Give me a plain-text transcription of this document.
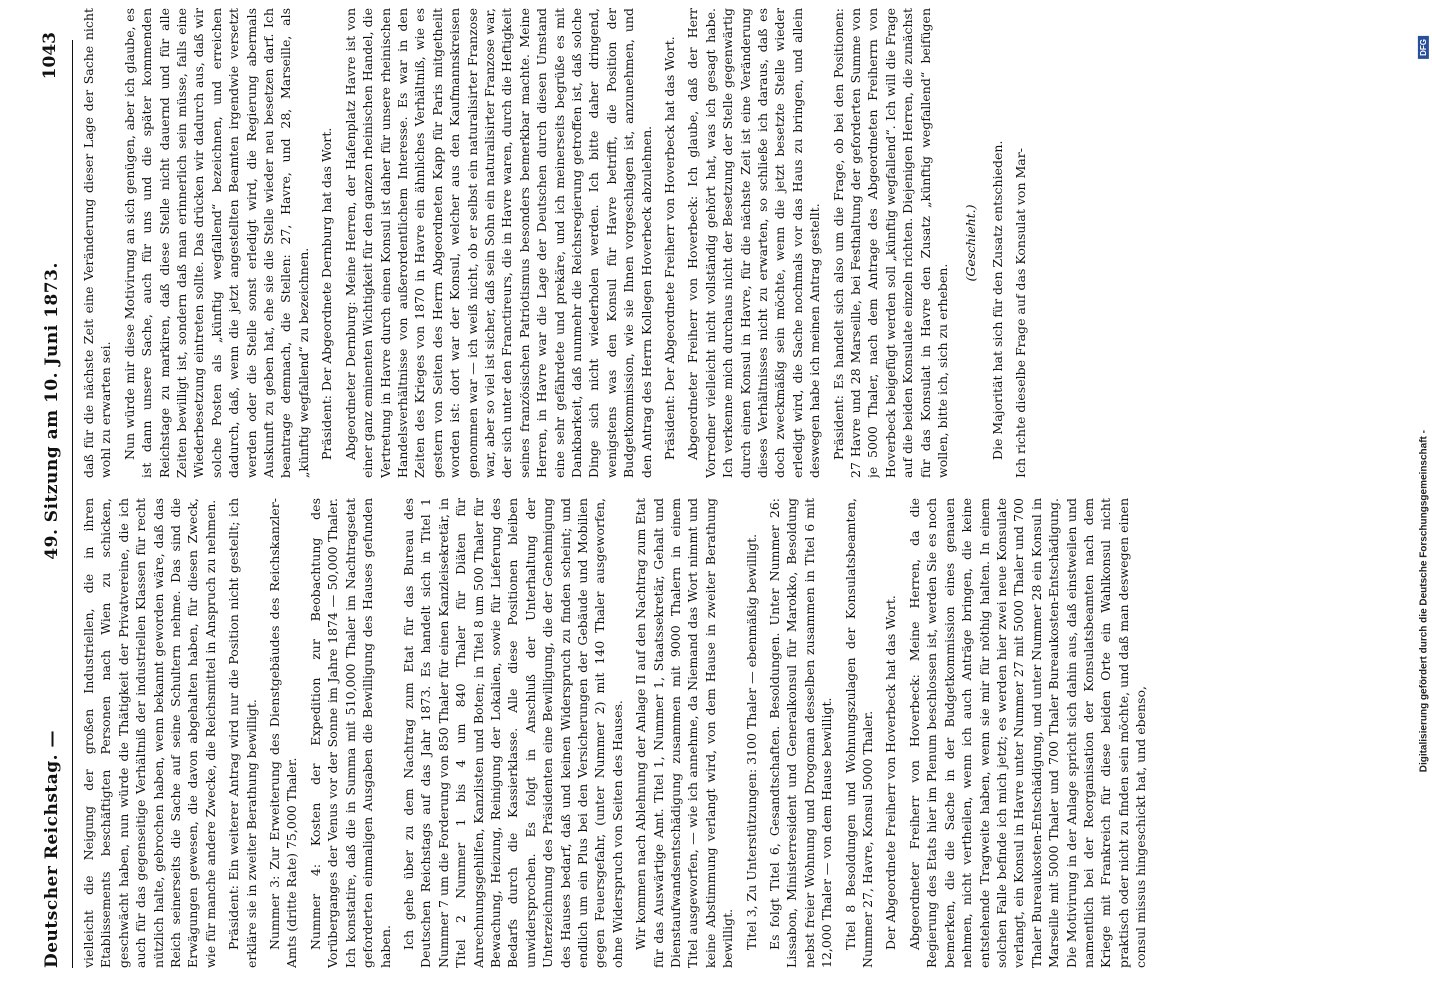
Deutscher Reichstag. —
49. Sitzung am 10. Juni 1873.
1043

vielleicht die Neigung der großen Industriellen, die in ihren Etablissements beschäftigten Personen nach Wien zu schicken, geschwächt haben, nun würde die Thätigkeit der Privatvereine, die ich auch für das gegenseitige Verhältniß der industriellen Klassen für recht nützlich halte, gebrochen haben, wenn bekannt geworden wäre, daß das Reich seinerseits die Sache auf seine Schultern nehme. Das sind die Erwägungen gewesen, die davon abgehalten haben, für diesen Zweck, wie für manche andere Zwecke, die Reichsmittel in Anspruch zu nehmen. Präsident: Ein weiterer Antrag wird nur die Position nicht gestellt; ich erkläre sie in zweiter Berathung bewilligt. Nummer 3: Zur Erweiterung des Dienstgebäudes des Reichskanzler-Amts (dritte Rate) 75,000 Thaler. Nummer 4: Kosten der Expedition zur Beobachtung des Vorüberganges der Venus vor der Sonne im Jahre 1874 — 50,000 Thaler. Ich konstatire, daß die in Summa mit 510,000 Thaler im Nachtragsetat geforderten einmaligen Ausgaben die Bewilligung des Hauses gefunden haben. Ich gehe über zu dem Nachtrag zum Etat für das Bureau des Deutschen Reichstags auf das Jahr 1873. Es handelt sich in Titel 1 Nummer 7 um die Forderung von 850 Thaler für einen Kanzleisekretär, in Titel 2 Nummer 1 bis 4 um 840 Thaler für Diäten für Anrechnungsgehilfen, Kanzlisten und Boten; in Titel 8 um 500 Thaler für Bewachung, Heizung, Reinigung der Lokalien, sowie für Lieferung des Bedarfs durch die Kassierklasse. Alle diese Positionen bleiben unwidersprochen. Es folgt in Anschluß der Unterhaltung der Unterzeichnung des Präsidenten eine Bewilligung, die der Genehmigung des Hauses bedarf, daß und keinen Widerspruch zu finden scheint; und endlich um ein Plus bei den Versicherungen der Gebäude und Mobilien gegen Feuersgefahr, (unter Nummer 2) mit 140 Thaler ausgeworfen, ohne Widerspruch von Seiten des Hauses. Wir kommen nach Ablehnung der Anlage II auf den Nachtrag zum Etat für das Auswärtige Amt. Titel 1, Nummer 1, Staatssekretär, Gehalt und Dienstaufwandsentschädigung zusammen mit 9000 Thalern in einem Titel ausgeworfen, — wie ich annehme, da Niemand das Wort nimmt und keine Abstimmung verlangt wird, von dem Hause in zweiter Berathung bewilligt. Titel 3, Zu Unterstützungen: 3100 Thaler — ebenmäßig bewilligt. Es folgt Titel 6, Gesandtschaften. Besoldungen. Unter Nummer 26: Lissabon, Ministerresident und Generalkonsul für Marokko, Besoldung nebst freier Wohnung und Drogoman desselben zusammen in Titel 6 mit 12,000 Thaler — von dem Hause bewilligt. Titel 8 Besoldungen und Wohnungszulagen der Konsulatsbeamten, Nummer 27, Havre, Konsul 5000 Thaler. Der Abgeordnete Freiherr von Hoverbeck hat das Wort. Abgeordneter Freiherr von Hoverbeck: Meine Herren, da die Regierung des Etats hier im Plenum beschlossen ist, werden Sie es noch bemerken, die die Sache in der Budgetkommission eines genauen nehmen, nicht vertheilen, wenn ich auch Anträge bringen, die keine entstehende Tragweite haben, wenn sie mir für nöthig halten. In einem solchen Falle befinde ich mich jetzt; es werden hier zwei neue Konsulate verlangt, ein Konsul in Havre unter Nummer 27 mit 5000 Thaler und 700 Thaler Bureaukosten-Entschädigung, und unter Nummer 28 ein Konsul in Marseille mit 5000 Thaler und 700 Thaler Bureaukosten-Entschädigung. Die Motivirung in der Anlage spricht sich dahin aus, daß einstweilen und namentlich bei der Reorganisation der Konsulatsbeamten nach dem Kriege mit Frankreich für diese beiden Orte ein Wahlkonsul nicht praktisch oder nicht zu finden sein möchte, und daß man deswegen einen consul missus hingeschickt hat, und ebenso,

daß für die nächste Zeit eine Veränderung dieser Lage der Sache nicht wohl zu erwarten sei. Nun würde mir diese Motivirung an sich genügen, aber ich glaube, es ist dann unsere Sache, auch für uns und die später kommenden Reichstage zu markiren, daß diese Stelle nicht dauernd und für alle Zeiten bewilligt ist, sondern daß man erinnerlich sein müsse, falls eine Wiederbesetzung eintreten sollte. Das drücken wir dadurch aus, daß wir solche Posten als „künftig wegfallend“ bezeichnen, und erreichen dadurch, daß, wenn die jetzt angestellten Beamten irgendwie versetzt werden oder die Stelle sonst erledigt wird, die Regierung abermals Auskunft zu geben hat, ehe sie die Stelle wieder neu besetzen darf. Ich beantrage demnach, die Stellen: 27, Havre, und 28, Marseille, als „künftig wegfallend“ zu bezeichnen. Präsident: Der Abgeordnete Dernburg hat das Wort. Abgeordneter Dernburg: Meine Herren, der Hafenplatz Havre ist von einer ganz eminenten Wichtigkeit für den ganzen rheinischen Handel, die Vertretung in Havre durch einen Konsul ist daher für unsere rheinischen Handelsverhältnisse von außerordentlichem Interesse. Es war in den Zeiten des Krieges von 1870 in Havre ein ähnliches Verhältniß, wie es gestern von Seiten des Herrn Abgeordneten Kapp für Paris mitgetheilt worden ist: dort war der Konsul, welcher aus den Kaufmannskreisen genommen war — ich weiß nicht, ob er selbst ein naturalisirter Franzose war, aber so viel ist sicher, daß sein Sohn ein naturalisirter Franzose war, der sich unter den Franctireurs, die in Havre waren, durch die Heftigkeit seines französischen Patriotismus besonders bemerkbar machte. Meine Herren, in Havre war die Lage der Deutschen durch diesen Umstand eine sehr gefährdete und prekäre, und ich meinerseits begrüße es mit Dankbarkeit, daß nunmehr die Reichsregierung getroffen ist, daß solche Dinge sich nicht wiederholen werden. Ich bitte daher dringend, wenigstens was den Konsul für Havre betrifft, die Position der Budgetkommission, wie sie Ihnen vorgeschlagen ist, anzunehmen, und den Antrag des Herrn Kollegen Hoverbeck abzulehnen. Präsident: Der Abgeordnete Freiherr von Hoverbeck hat das Wort. Abgeordneter Freiherr von Hoverbeck: Ich glaube, daß der Herr Vorredner vielleicht nicht vollständig gehört hat, was ich gesagt habe. Ich verkenne mich durchaus nicht der Besetzung der Stelle gegenwärtig durch einen Konsul in Havre, für die nächste Zeit ist eine Veränderung dieses Verhältnisses nicht zu erwarten, so schließe ich daraus, daß es doch zweckmäßig sein möchte, wenn die jetzt besetzte Stelle wieder erledigt wird, die Sache nochmals vor das Haus zu bringen, und allein deswegen habe ich meinen Antrag gestellt. Präsident: Es handelt sich also um die Frage, ob bei den Positionen: 27 Havre und 28 Marseille, bei Festhaltung der geforderten Summe von je 5000 Thaler, nach dem Antrage des Abgeordneten Freiherrn von Hoverbeck beigefügt werden soll „künftig wegfallend“. Ich will die Frage auf die beiden Konsulate einzeln richten. Diejenigen Herren, die zunächst für das Konsulat in Havre den Zusatz „künftig wegfallend“ beifügen wollen, bitte ich, sich zu erheben.

(Geschieht.) Die Majorität hat sich für den Zusatz entschieden. Ich richte dieselbe Frage auf das Konsulat von Mar-

Digitalisierung gefördert durch die Deutsche Forschungsgemeinschaft -
DFG
